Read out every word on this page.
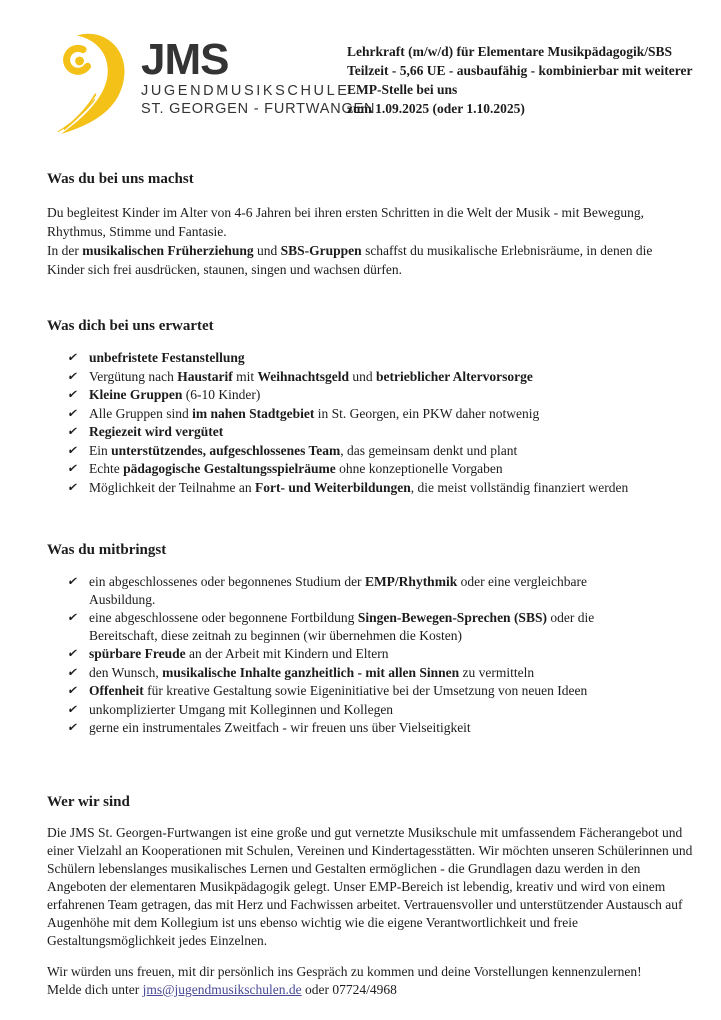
JMS
JUGENDMUSIKSCHULE
ST. GEORGEN - FURTWANGEN
Lehrkraft (m/w/d) für Elementare Musikpädagogik/SBS
Teilzeit - 5,66 UE - ausbaufähig - kombinierbar mit weiterer
EMP-Stelle bei uns
zum 1.09.2025 (oder 1.10.2025)
Was du bei uns machst

Du begleitest Kinder im Alter von 4-6 Jahren bei ihren ersten Schritten in die Welt der Musik - mit Bewegung, Rhythmus, Stimme und Fantasie.
In der musikalischen Früherziehung und SBS-Gruppen schaffst du musikalische Erlebnisräume, in denen die Kinder sich frei ausdrücken, staunen, singen und wachsen dürfen.

Was dich bei uns erwartet
✔ unbefristete Festanstellung
✔ Vergütung nach Haustarif mit Weihnachtsgeld und betrieblicher Altervorsorge
✔ Kleine Gruppen (6-10 Kinder)
✔ Alle Gruppen sind im nahen Stadtgebiet in St. Georgen, ein PKW daher notwenig
✔ Regiezeit wird vergütet
✔ Ein unterstützendes, aufgeschlossenes Team, das gemeinsam denkt und plant
✔ Echte pädagogische Gestaltungsspielräume ohne konzeptionelle Vorgaben
✔ Möglichkeit der Teilnahme an Fort- und Weiterbildungen, die meist vollständig finanziert werden
Was du mitbringst
✔ ein abgeschlossenes oder begonnenes Studium der EMP/Rhythmik oder eine vergleichbare
Ausbildung.
✔ eine abgeschlossene oder begonnene Fortbildung Singen-Bewegen-Sprechen (SBS) oder die
Bereitschaft, diese zeitnah zu beginnen (wir übernehmen die Kosten)
✔ spürbare Freude an der Arbeit mit Kindern und Eltern
✔ den Wunsch, musikalische Inhalte ganzheitlich - mit allen Sinnen zu vermitteln
✔ Offenheit für kreative Gestaltung sowie Eigeninitiative bei der Umsetzung von neuen Ideen
✔ unkomplizierter Umgang mit Kolleginnen und Kollegen
✔ gerne ein instrumentales Zweitfach - wir freuen uns über Vielseitigkeit
Wer wir sind

Die JMS St. Georgen-Furtwangen ist eine große und gut vernetzte Musikschule mit umfassendem Fächerangebot und einer Vielzahl an Kooperationen mit Schulen, Vereinen und Kindertagesstätten. Wir möchten unseren Schülerinnen und Schülern lebenslanges musikalisches Lernen und Gestalten ermöglichen - die Grundlagen dazu werden in den Angeboten der elementaren Musikpädagogik gelegt. Unser EMP-Bereich ist lebendig, kreativ und wird von einem erfahrenen Team getragen, das mit Herz und Fachwissen arbeitet. Vertrauensvoller und unterstützender Austausch auf Augenhöhe mit dem Kollegium ist uns ebenso wichtig wie die eigene Verantwortlichkeit und freie Gestaltungsmöglichkeit jedes Einzelnen.

Wir würden uns freuen, mit dir persönlich ins Gespräch zu kommen und deine Vorstellungen kennenzulernen!
Melde dich unter jms@jugendmusikschulen.de oder 07724/4968
